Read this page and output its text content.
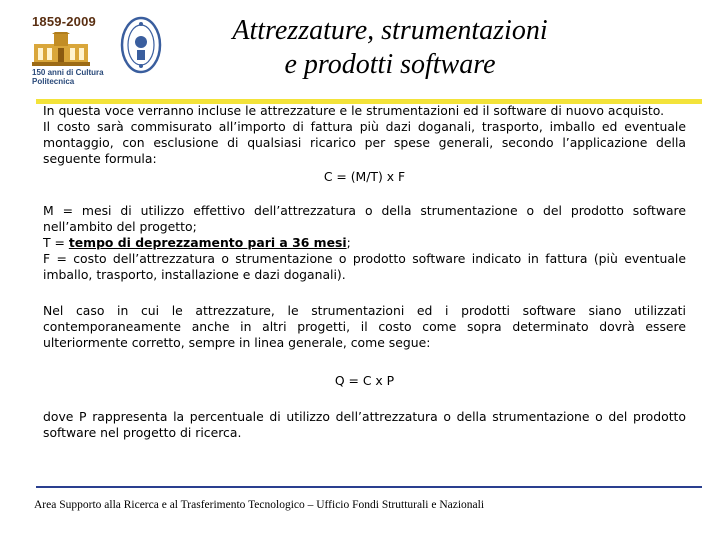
1859-2009
150 anni di Cultura
Politecnica
Attrezzature, strumentazioni
e prodotti software

In questa voce verranno incluse le attrezzature e le strumentazioni ed il software di nuovo acquisto.

Il costo sarà commisurato all’importo di fattura più dazi doganali, trasporto, imballo ed eventuale montaggio, con esclusione di qualsiasi ricarico per spese generali, secondo l’applicazione della seguente formula:

C = (M/T) x F

M = mesi di utilizzo effettivo dell’attrezzatura o della strumentazione o del prodotto software nell’ambito del progetto;

T = tempo di deprezzamento pari a 36 mesi;

F = costo dell’attrezzatura o strumentazione o prodotto software indicato in fattura (più eventuale imballo, trasporto, installazione e dazi doganali).

Nel caso in cui le attrezzature, le strumentazioni ed i prodotti software siano utilizzati contemporaneamente anche in altri progetti, il costo come sopra determinato dovrà essere ulteriormente corretto, sempre in linea generale, come segue:

Q = C x P

dove P rappresenta la percentuale di utilizzo dell’attrezzatura o della strumentazione o del prodotto software nel progetto di ricerca.

Area Supporto alla Ricerca e al Trasferimento Tecnologico – Ufficio Fondi Strutturali e Nazionali
